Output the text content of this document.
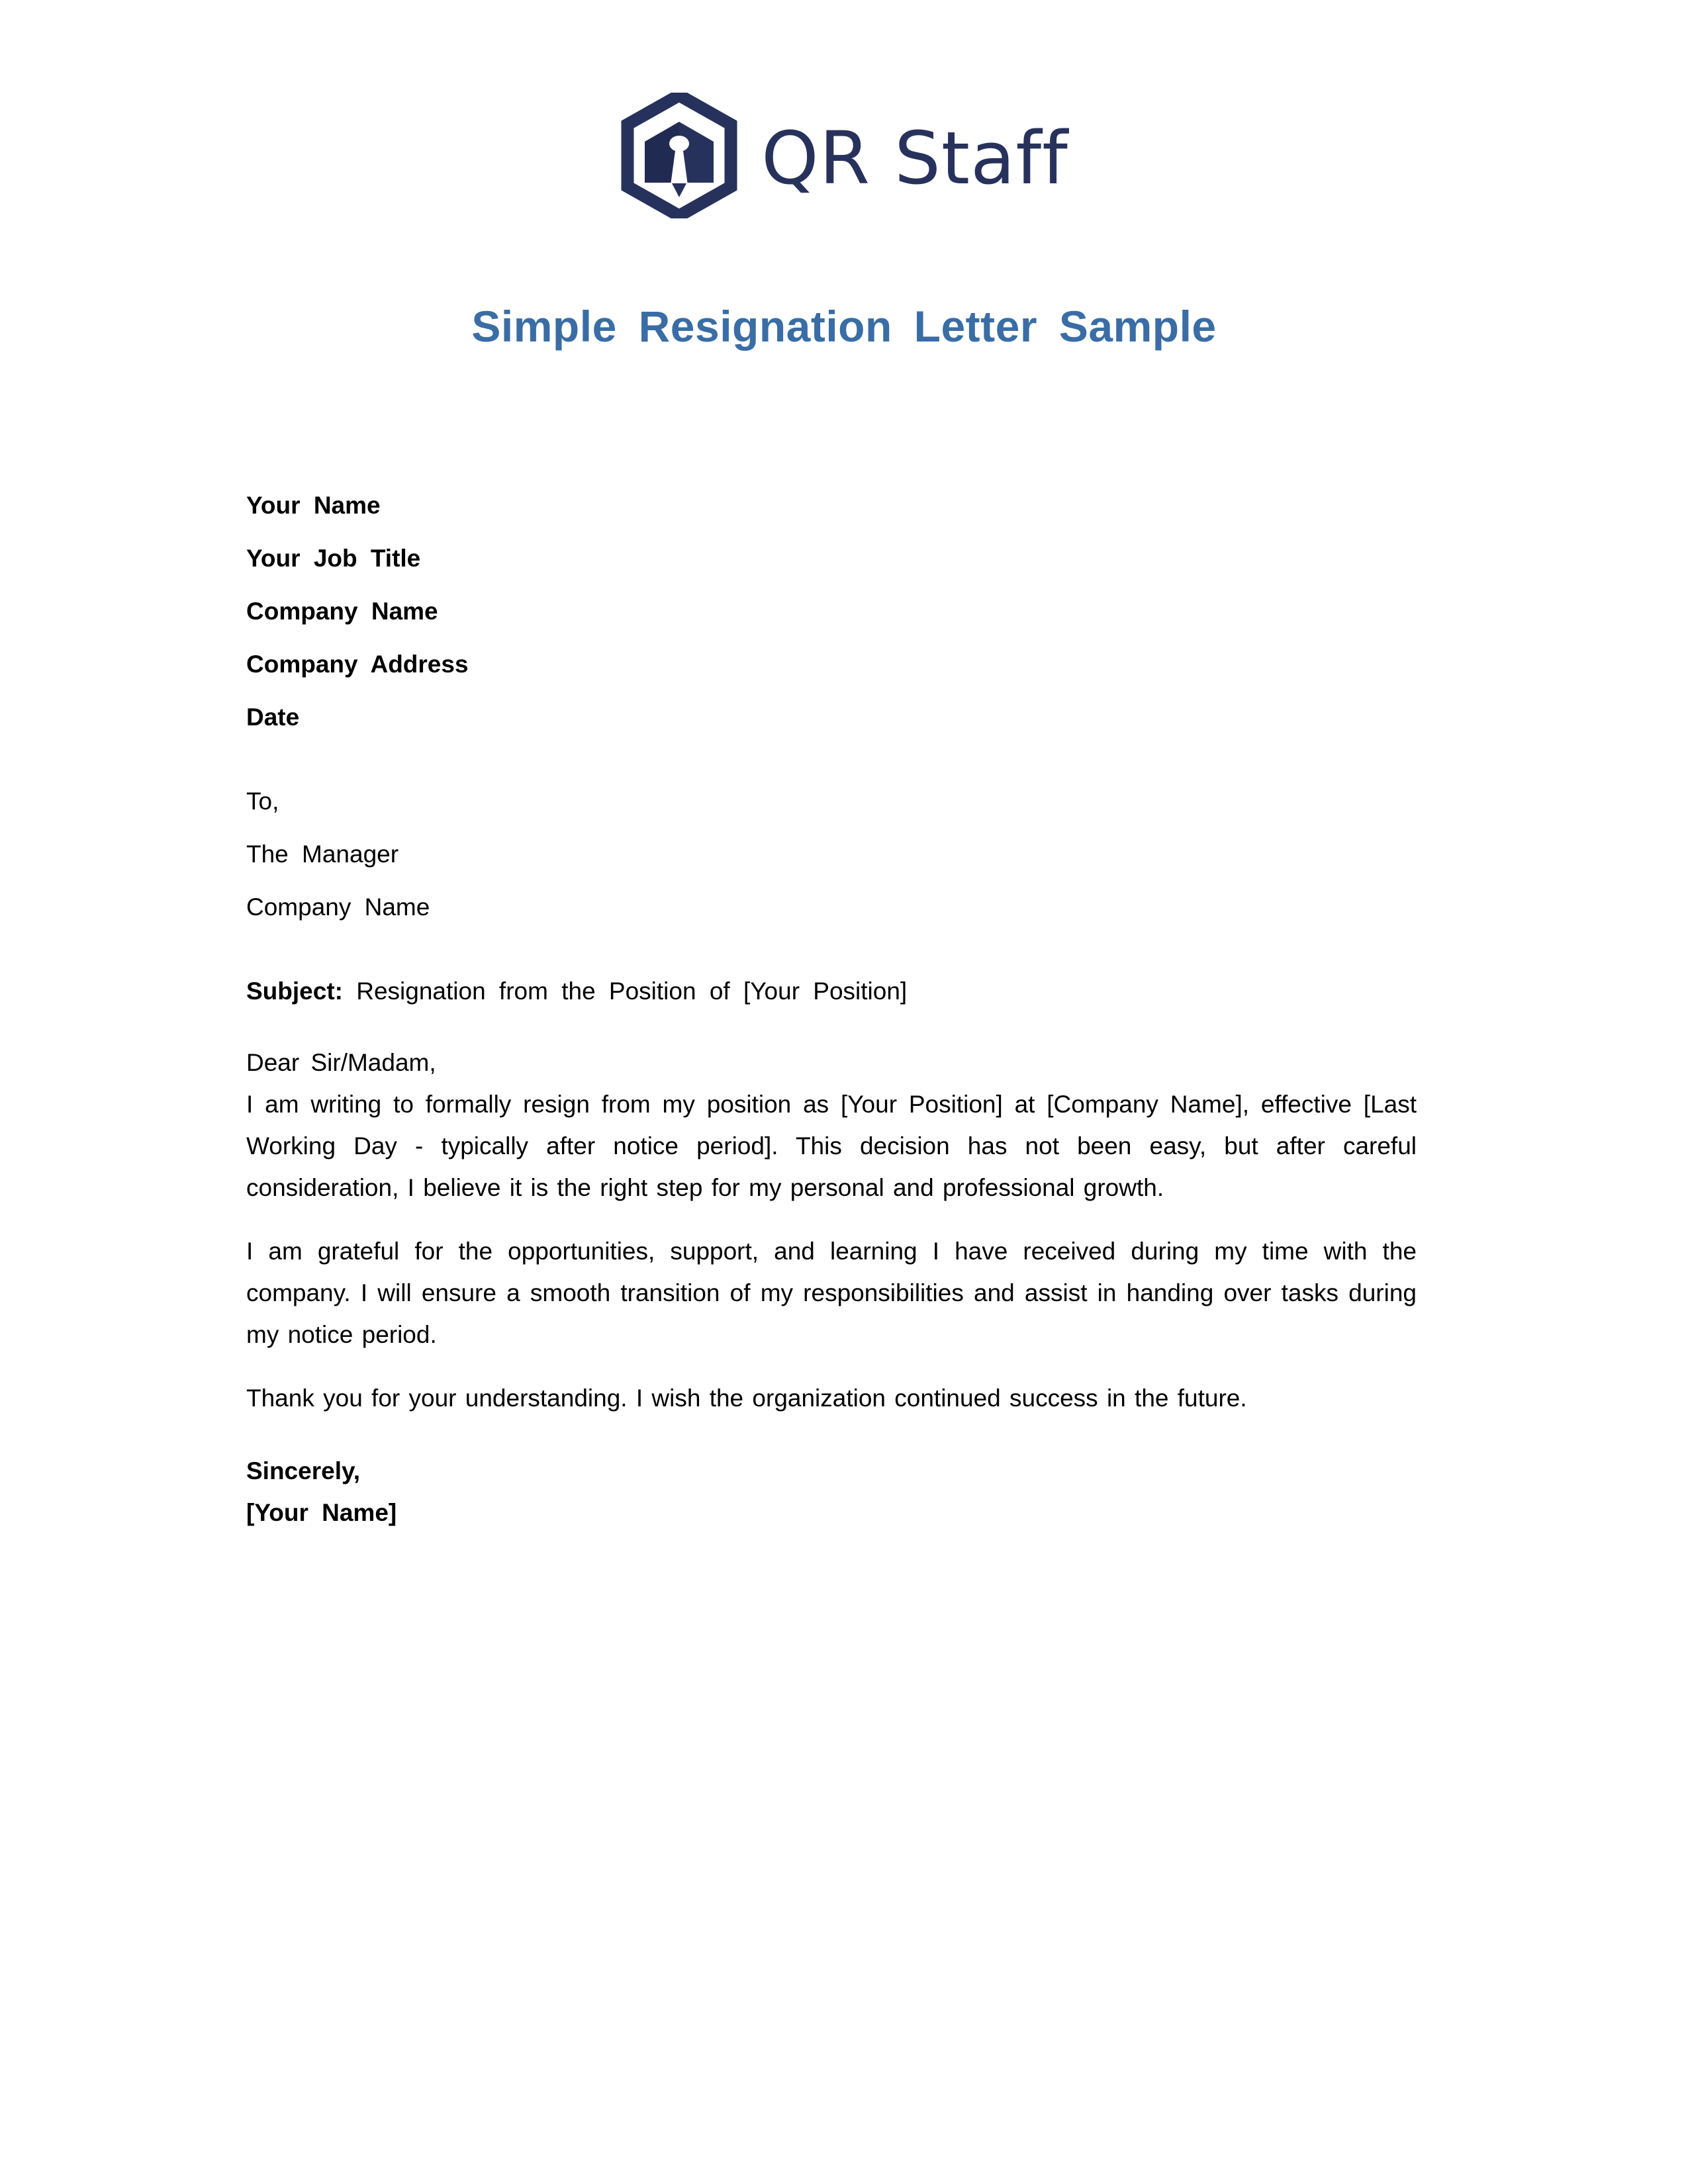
QR Staff
Simple Resignation Letter Sample
Your Name
Your Job Title
Company Name
Company Address
Date
To,
The Manager
Company Name

Subject: Resignation from the Position of [Your Position]

Dear Sir/Madam,

I am writing to formally resign from my position as [Your Position] at [Company Name], effective [Last Working Day - typically after notice period]. This decision has not been easy, but after careful consideration, I believe it is the right step for my personal and professional growth.

I am grateful for the opportunities, support, and learning I have received during my time with the company. I will ensure a smooth transition of my responsibilities and assist in handing over tasks during my notice period.

Thank you for your understanding. I wish the organization continued success in the future.

Sincerely,

[Your Name]
